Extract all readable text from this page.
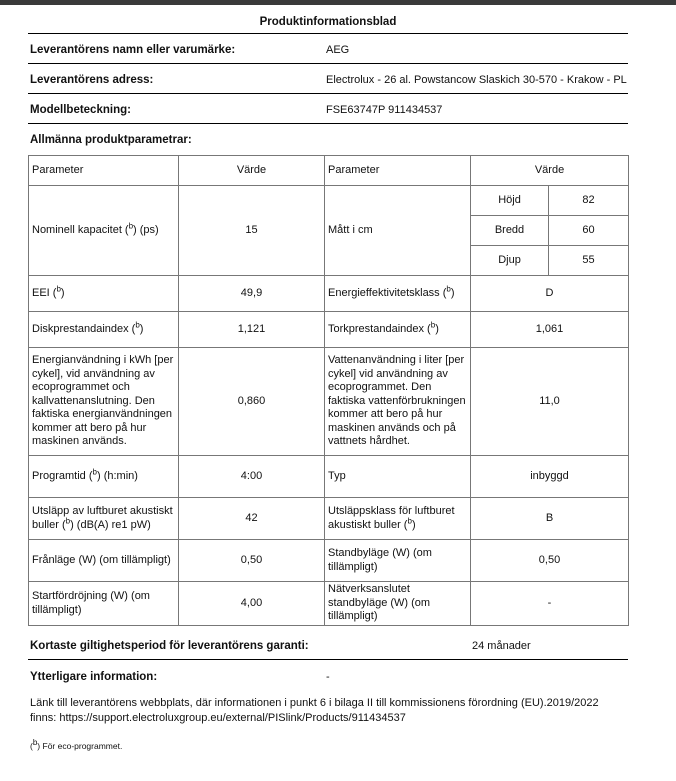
Produktinformationsblad
Leverantörens namn eller varumärke:	AEG
Leverantörens adress:	Electrolux - 26 al. Powstancow Slaskich 30-570 - Krakow - PL
Modellbeteckning:	FSE63747P 911434537
Allmänna produktparametrar:
Parameter	Värde	Parameter	Värde	
Nominell kapacitet ($^b$) (ps)	15	Mått i cm	Höjd	82
			Bredd	60
			Djup	55
EEI ($^b$)	49,9	Energieffektivitetsklass ($^b$)	D	
Diskprestandaindex ($^b$)	1,121	Torkprestandaindex ($^b$)	1,061	
Energianvändning i kWh [per cykel], vid användning av ecoprogrammet och kallvattenanslutning. Den faktiska energianvändningen kommer att bero på hur maskinen används.	0,860	Vattenanvändning i liter [per cykel] vid användning av ecoprogrammet. Den faktiska vattenförbrukningen kommer att bero på hur maskinen används och på vattnets hårdhet.	11,0	
Programtid ($^b$) (h:min)	4:00	Typ	inbyggd	
Utsläpp av luftburet akustiskt buller ($^b$) (dB(A) re1 pW)	42	Utsläppsklass för luftburet akustiskt buller ($^b$)	B	
Frånläge (W) (om tillämpligt)	0,50	Standbyläge (W) (om tillämpligt)	0,50	
Startfördröjning (W) (om tillämpligt)	4,00	Nätverksanslutet standbyläge (W) (om tillämpligt)	-	
Kortaste giltighetsperiod för leverantörens garanti:	24 månader
Ytterligare information:	-
Länk till leverantörens webbplats, där informationen i punkt 6 i bilaga II till kommissionens förordning (EU).2019/2022 finns: https://support.electroluxgroup.eu/external/PISlink/Products/911434537
(b) För eco-programmet.
